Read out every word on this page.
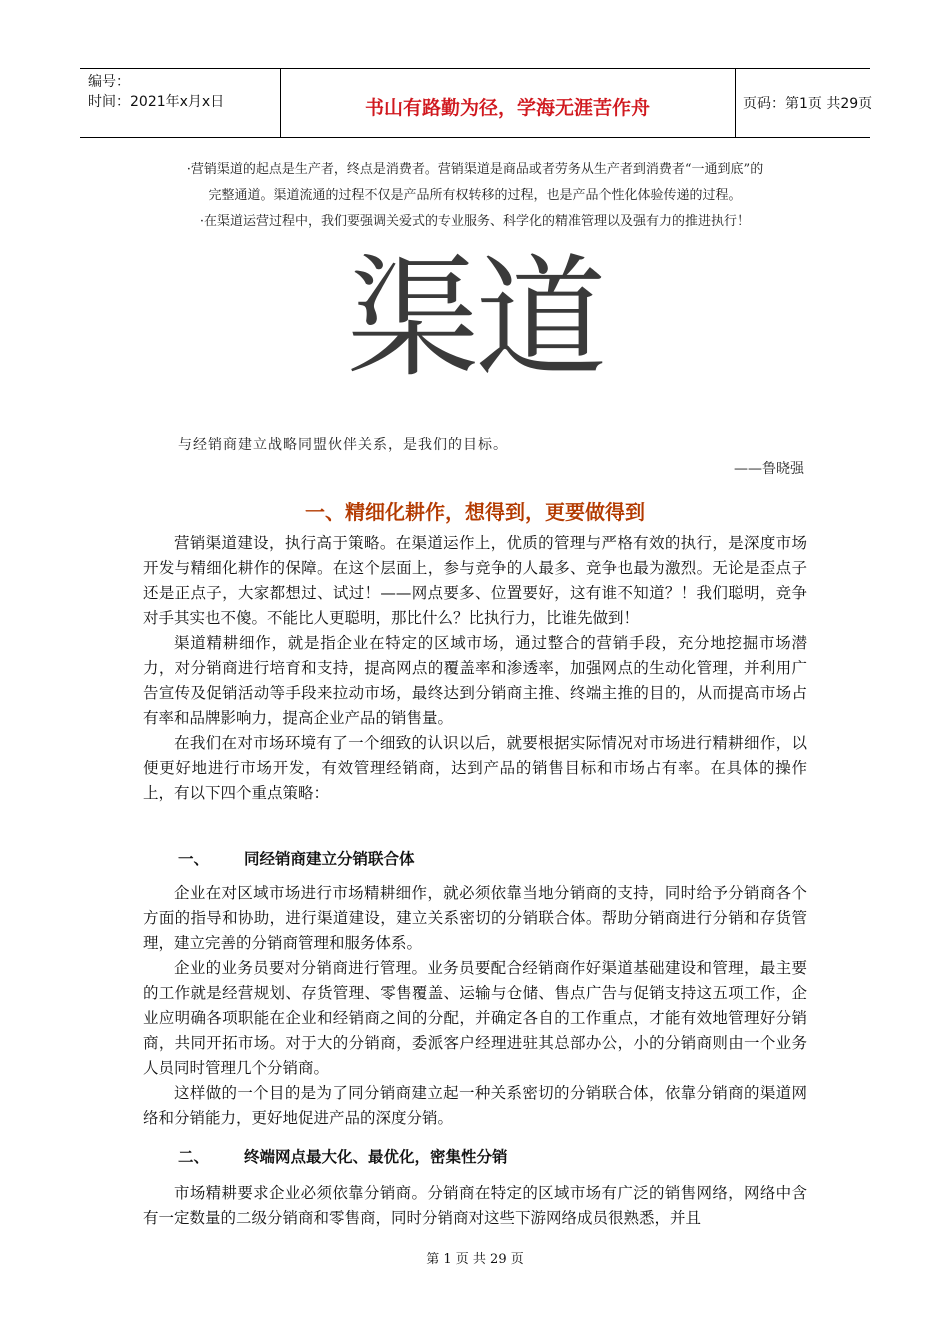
编号：
时间：2021年x月x日	书山有路勤为径，学海无涯苦作舟	页码：第1页 共29页
·营销渠道的起点是生产者，终点是消费者。营销渠道是商品或者劳务从生产者到消费者“一通到底”的
完整通道。渠道流通的过程不仅是产品所有权转移的过程，也是产品个性化体验传递的过程。
·在渠道运营过程中，我们要强调关爱式的专业服务、科学化的精准管理以及强有力的推进执行！
渠道
与经销商建立战略同盟伙伴关系，是我们的目标。
——鲁晓强
一、精细化耕作，想得到，更要做得到

营销渠道建设，执行高于策略。在渠道运作上，优质的管理与严格有效的执行，是深度市场开发与精细化耕作的保障。在这个层面上，参与竞争的人最多、竞争也最为激烈。无论是歪点子还是正点子，大家都想过、试过！——网点要多、位置要好，这有谁不知道？！我们聪明，竞争对手其实也不傻。不能比人更聪明，那比什么？比执行力，比谁先做到！

渠道精耕细作，就是指企业在特定的区域市场，通过整合的营销手段，充分地挖掘市场潜力，对分销商进行培育和支持，提高网点的覆盖率和渗透率，加强网点的生动化管理，并利用广告宣传及促销活动等手段来拉动市场，最终达到分销商主推、终端主推的目的，从而提高市场占有率和品牌影响力，提高企业产品的销售量。

在我们在对市场环境有了一个细致的认识以后，就要根据实际情况对市场进行精耕细作，以便更好地进行市场开发，有效管理经销商，达到产品的销售目标和市场占有率。在具体的操作上，有以下四个重点策略：

一、 同经销商建立分销联合体

企业在对区域市场进行市场精耕细作，就必须依靠当地分销商的支持，同时给予分销商各个方面的指导和协助，进行渠道建设，建立关系密切的分销联合体。帮助分销商进行分销和存货管理，建立完善的分销商管理和服务体系。

企业的业务员要对分销商进行管理。业务员要配合经销商作好渠道基础建设和管理，最主要的工作就是经营规划、存货管理、零售覆盖、运输与仓储、售点广告与促销支持这五项工作，企业应明确各项职能在企业和经销商之间的分配，并确定各自的工作重点，才能有效地管理好分销商，共同开拓市场。对于大的分销商，委派客户经理进驻其总部办公，小的分销商则由一个业务人员同时管理几个分销商。

这样做的一个目的是为了同分销商建立起一种关系密切的分销联合体，依靠分销商的渠道网络和分销能力，更好地促进产品的深度分销。

二、 终端网点最大化、最优化，密集性分销

市场精耕要求企业必须依靠分销商。分销商在特定的区域市场有广泛的销售网络，网络中含有一定数量的二级分销商和零售商，同时分销商对这些下游网络成员很熟悉，并且

第 1 页 共 29 页
